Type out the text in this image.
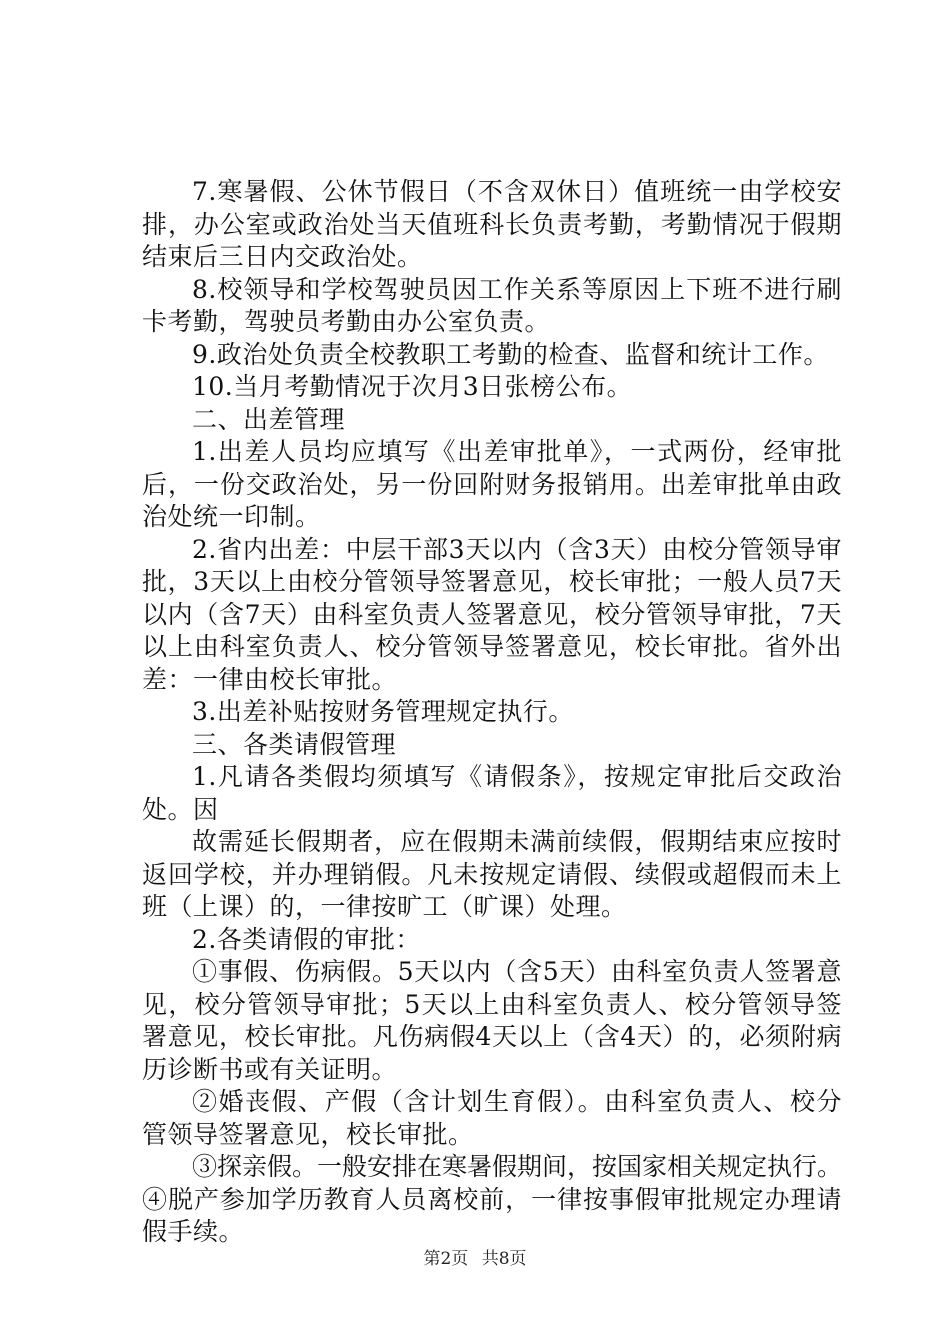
7.寒暑假、公休节假日（不含双休日）值班统一由学校安排，办公室或政治处当天值班科长负责考勤，考勤情况于假期结束后三日内交政治处。

8.校领导和学校驾驶员因工作关系等原因上下班不进行刷卡考勤，驾驶员考勤由办公室负责。

9.政治处负责全校教职工考勤的检查、监督和统计工作。

10.当月考勤情况于次月3日张榜公布。

二、出差管理

1.出差人员均应填写《出差审批单》，一式两份，经审批后，一份交政治处，另一份回附财务报销用。出差审批单由政治处统一印制。

2.省内出差：中层干部3天以内（含3天）由校分管领导审批，3天以上由校分管领导签署意见，校长审批；一般人员7天以内（含7天）由科室负责人签署意见，校分管领导审批，7天以上由科室负责人、校分管领导签署意见，校长审批。省外出差：一律由校长审批。

3.出差补贴按财务管理规定执行。

三、各类请假管理

1.凡请各类假均须填写《请假条》，按规定审批后交政治处。因

故需延长假期者，应在假期未满前续假，假期结束应按时返回学校，并办理销假。凡未按规定请假、续假或超假而未上班（上课）的，一律按旷工（旷课）处理。

2.各类请假的审批：

①事假、伤病假。5天以内（含5天）由科室负责人签署意见，校分管领导审批；5天以上由科室负责人、校分管领导签署意见，校长审批。凡伤病假4天以上（含4天）的，必须附病历诊断书或有关证明。

②婚丧假、产假（含计划生育假）。由科室负责人、校分管领导签署意见，校长审批。

③探亲假。一般安排在寒暑假期间，按国家相关规定执行。

④脱产参加学历教育人员离校前，一律按事假审批规定办理请假手续。

第2页 共8页
